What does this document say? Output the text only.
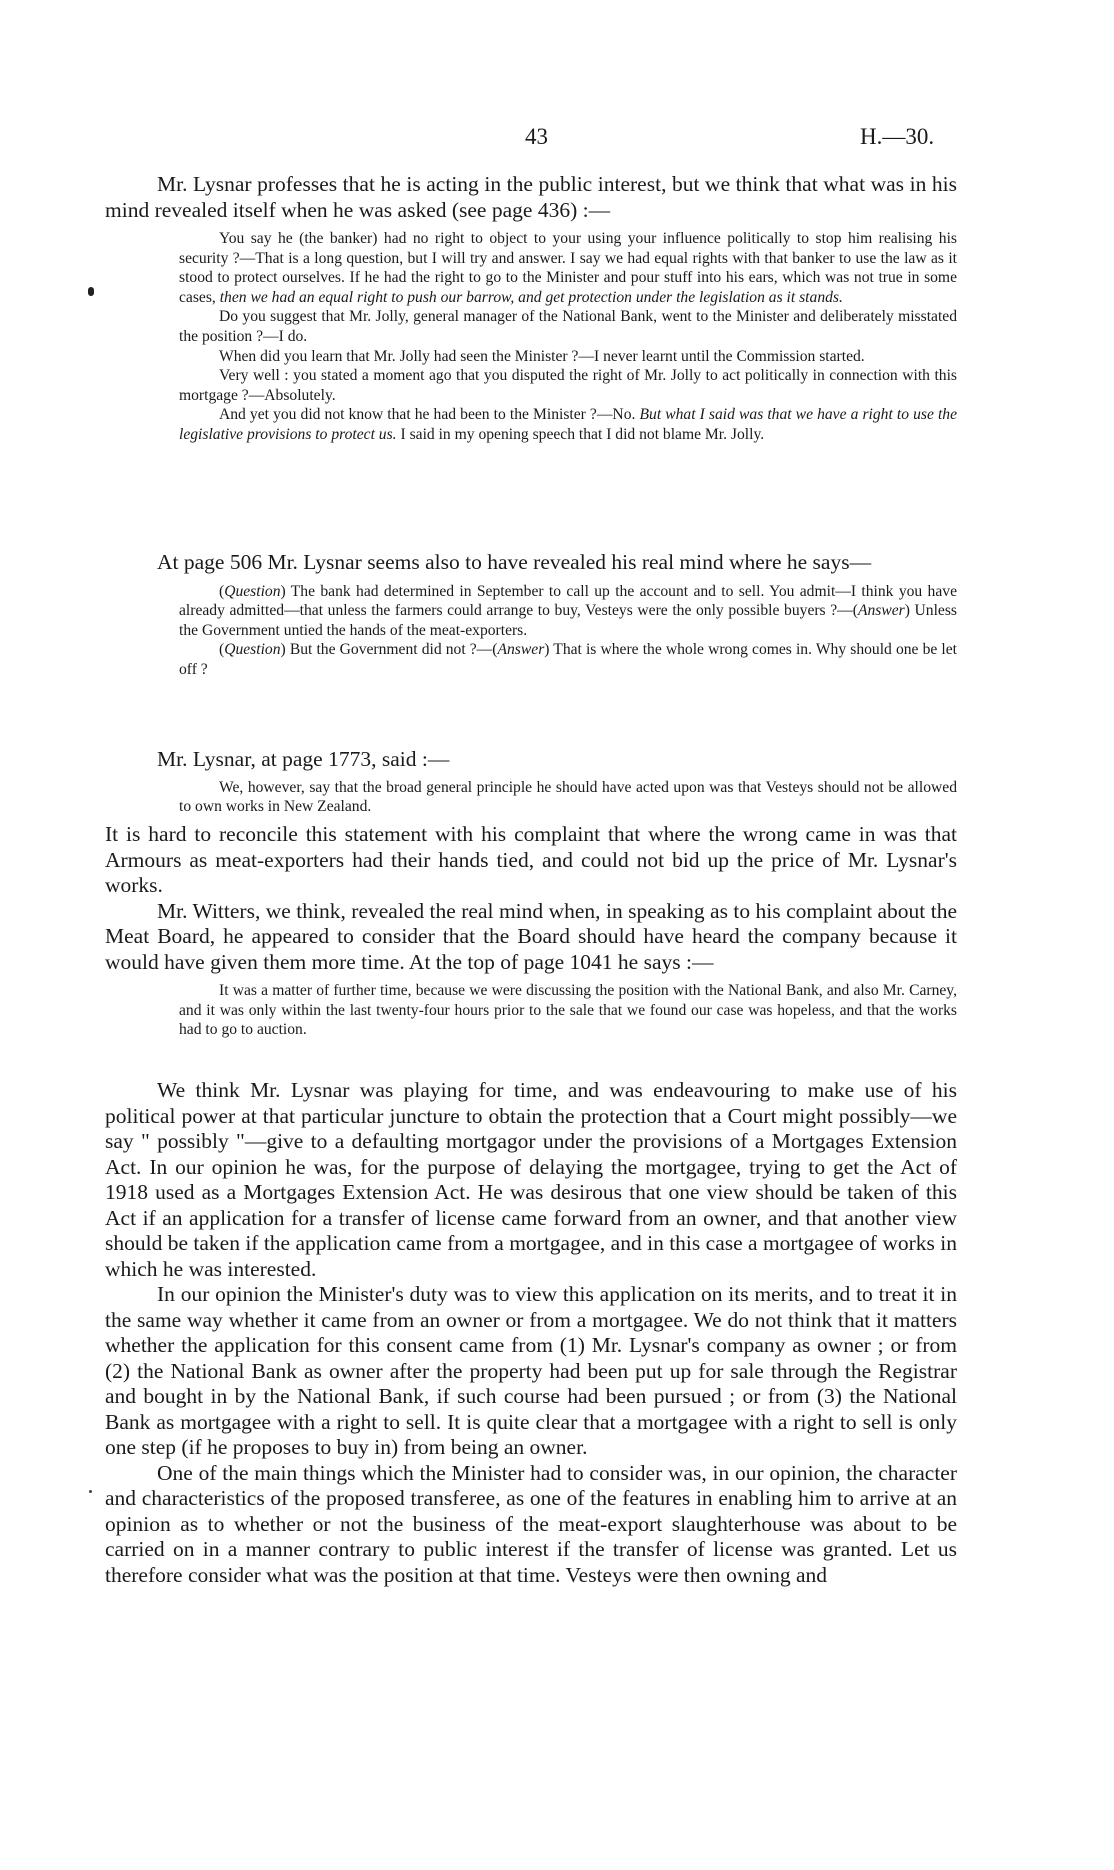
43	H.—30.

Mr. Lysnar professes that he is acting in the public interest, but we think that what was in his mind revealed itself when he was asked (see page 436) :—

You say he (the banker) had no right to object to your using your influence politically to stop him realising his security ?—That is a long question, but I will try and answer. I say we had equal rights with that banker to use the law as it stood to protect ourselves. If he had the right to go to the Minister and pour stuff into his ears, which was not true in some cases, then we had an equal right to push our barrow, and get protection under the legislation as it stands.

Do you suggest that Mr. Jolly, general manager of the National Bank, went to the Minister and deliberately misstated the position ?—I do.

When did you learn that Mr. Jolly had seen the Minister ?—I never learnt until the Commission started.

Very well : you stated a moment ago that you disputed the right of Mr. Jolly to act politically in connection with this mortgage ?—Absolutely.

And yet you did not know that he had been to the Minister ?—No. But what I said was that we have a right to use the legislative provisions to protect us. I said in my opening speech that I did not blame Mr. Jolly.

At page 506 Mr. Lysnar seems also to have revealed his real mind where he says—

(Question) The bank had determined in September to call up the account and to sell. You admit—I think you have already admitted—that unless the farmers could arrange to buy, Vesteys were the only possible buyers ?—(Answer) Unless the Government untied the hands of the meat-exporters.

(Question) But the Government did not ?—(Answer) That is where the whole wrong comes in. Why should one be let off ?

Mr. Lysnar, at page 1773, said :—

We, however, say that the broad general principle he should have acted upon was that Vesteys should not be allowed to own works in New Zealand.

It is hard to reconcile this statement with his complaint that where the wrong came in was that Armours as meat-exporters had their hands tied, and could not bid up the price of Mr. Lysnar's works.

Mr. Witters, we think, revealed the real mind when, in speaking as to his complaint about the Meat Board, he appeared to consider that the Board should have heard the company because it would have given them more time. At the top of page 1041 he says :—

It was a matter of further time, because we were discussing the position with the National Bank, and also Mr. Carney, and it was only within the last twenty-four hours prior to the sale that we found our case was hopeless, and that the works had to go to auction.

We think Mr. Lysnar was playing for time, and was endeavouring to make use of his political power at that particular juncture to obtain the protection that a Court might possibly—we say " possibly "—give to a defaulting mortgagor under the provisions of a Mortgages Extension Act. In our opinion he was, for the purpose of delaying the mortgagee, trying to get the Act of 1918 used as a Mortgages Extension Act. He was desirous that one view should be taken of this Act if an application for a transfer of license came forward from an owner, and that another view should be taken if the application came from a mortgagee, and in this case a mortgagee of works in which he was interested.

In our opinion the Minister's duty was to view this application on its merits, and to treat it in the same way whether it came from an owner or from a mortgagee. We do not think that it matters whether the application for this consent came from (1) Mr. Lysnar's company as owner ; or from (2) the National Bank as owner after the property had been put up for sale through the Registrar and bought in by the National Bank, if such course had been pursued ; or from (3) the National Bank as mortgagee with a right to sell. It is quite clear that a mortgagee with a right to sell is only one step (if he proposes to buy in) from being an owner.

One of the main things which the Minister had to consider was, in our opinion, the character and characteristics of the proposed transferee, as one of the features in enabling him to arrive at an opinion as to whether or not the business of the meat-export slaughterhouse was about to be carried on in a manner contrary to public interest if the transfer of license was granted. Let us therefore consider what was the position at that time. Vesteys were then owning and
